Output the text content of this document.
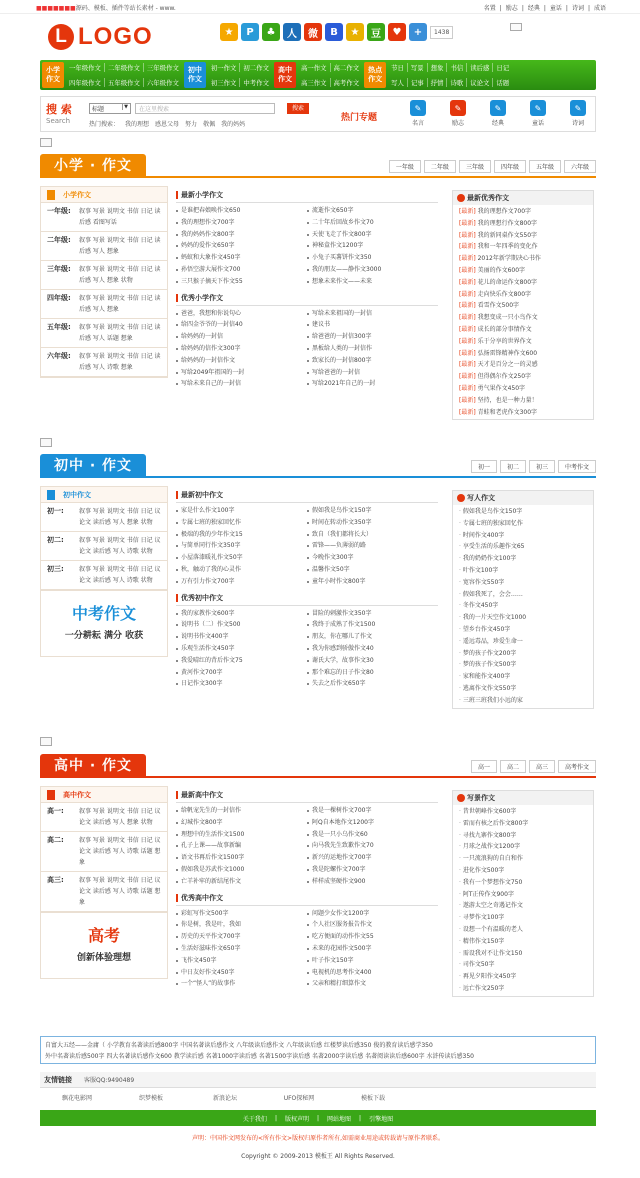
■■■■■■■源码、模板、插件等站长素材 - www.	名置 | 励志 | 经典 | 童话 | 诗词 | 成语
L LOGO	★	P	♣	人	微	B	★	豆	♥	+	1438
小学
作文
一年级作文	二年级作文	三年级作文
四年级作文	五年级作文	六年级作文
初中
作文
初一作文	初二作文
初三作文	中考作文
高中
作文
高一作文	高二作文
高三作文	高考作文
热点
作文
节日	写景	想象	书信	读后感	日记
写人	记事	抒情	诗歌	议论文	话题
搜 索
Search
标题	▼	在这里搜索	搜索
热门搜索： 我的理想 感恩父母 努力 敬佩 我的妈妈
热门专题
✎
名言
✎
励志
✎
经典
✎
童话
✎
诗词
小学 · 作文	一年级	二年级	三年级	四年级	五年级	六年级
小学作文
一年级:	叙事 写景 说明文 书信 日记 读后感 看图写话
二年级:	叙事 写景 说明文 书信 日记 读后感 写人 想象
三年级:	叙事 写景 说明文 书信 日记 读后感 写人 想象 状物
四年级:	叙事 写景 说明文 书信 日记 读后感 写人 想象
五年级:	叙事 写景 说明文 书信 日记 读后感 写人 话题 想象
六年级:	叙事 写景 说明文 书信 日记 读后感 写人 诗歌 想象
最新小学作文
是谁把春娘唤作文650	流逝作文650字
我的理想作文700字	二十年后回故乡作文70
我的妈妈作文800字	天使飞走了作文800字
妈妈的爱作文650字	神秘盒作文1200字
蚂蚁和大象作文450字	小兔子买薯饼作文350
孙悟空游大展作文700	我的朋友——静作文3000
三只猴子摘天下作文55	想象未来作文——未来
优秀小学作文
爸爸，我想和你说句心	写给未来祖国的一封信
给四金爷爷的一封信40	建议书
给妈妈的一封信	给爸爸的一封信300字
给妈妈的信作文300字	黑板给人类的一封信作
给妈妈的一封信作文	致家长的一封信800字
写给2049年祖国的一封	写给爸爸的一封信
写给未来自己的一封信	写给2021年自己的一封
最新优秀作文
[最新] 我的理想作文700字
[最新] 我的理想行作文800字
[最新] 我的新同桌作文550字
[最新] 我和一年四季的变化作
[最新] 2012年新学期决心书作
[最新] 美丽的作文600字
[最新] 花儿的命运作文800字
[最新] 走向快乐作文800字
[最新] 看雪作文500字
[最新] 我想变成一只小鸟作文
[最新] 成长的部分事情作文
[最新] 乐于分享的世界作文
[最新] 弘扬雷锋精神作文600
[最新] 天才是百分之一的灵感
[最新] 但得偶尔作文250字
[最新] 勇气果作文450字
[最新] 坚持，也是一种力量！
[最新] 青蛙和老虎作文300字
初中 · 作文	初一	初二	初三	中考作文
初中作文
初一:	叙事 写景 说明文 书信 日记 议论文 读后感 写人 想象 状物
初二:	叙事 写景 说明文 书信 日记 议论文 读后感 写人 诗歌 状物
初三:	叙事 写景 说明文 书信 日记 议论文 读后感 写人 诗歌 状物
中考作文
一分耕耘 满分 收获
最新初中作文
家是什么作文100字	假如我是鸟作文150字
专属七班的独家回忆作	时间在转动作文350字
极端的我的少年作文15	致自（我们都将长大）
与简单同行作文350字	雷锋——负薄弱的路
小屋落漆暖礼作文50字	今晚作文300字
秋，触动了我的心灵作	温馨作文50字
万有引力作文700字	童年小时作文800字
优秀初中作文
我的家教作文600字	冒险的刺激作文350字
说明书（二）作文500	我终于成熟了作文1500
说明书作文400字	朋友，你在哪儿了作文
乐观生活作文450字	我为你感到骄傲作文40
我爱晴红的背后作文75	谢氏大学，故事作文30
黄河作文700字	那个难忘的日子作文80
日记作文300字	失去之后作文650字
写人作文
· 假如我是鸟作文150字
· 专属七班的独家回忆作
· 时间作文400字
· 享受生活的乐趣作文65
· 我的奶奶作文100字
· 叶作文100字
· 宽容作文550字
· 假如我死了，会会……
· 冬作文450字
· 我的一片天空作文1000
· 望乡台作文450字
· 遥远毒品，珍爱生命一
· 梦的孩子作文200字
· 梦的孩子作文500字
· 家和能作文400字
· 逃离作文作文550字
· 三班三班我们小远的家
高中 · 作文	高一	高二	高三	高考作文
高中作文
高一:	叙事 写景 说明文 书信 日记 议论文 读后感 写人 想象 状物
高二:	叙事 写景 说明文 书信 日记 议论文 读后感 写人 诗歌 话题 想象
高三:	叙事 写景 说明文 书信 日记 议论文 读后感 写人 诗歌 话题 想象
高考
创新体验理想
最新高中作文
给帆宠先生的一封信作	我是一棵树作文700字
幻城作文800字	阿Q自本地作文1200字
理想中的生活作文1500	我是一只小乌作文60
孔子上课——故事新编	向马我先生致歉作文70
语文书再后作文1500字	新兴的运地作文700字
假如我是苏武作文1000	我是陀螺作文700字
亡羊补牢的新结尾作文	样样成坚硬作文900
优秀高中作文
彩虹写作文500字	问题少女作文1200字
你是树，我是叶，我如	个人社区服务报告作文
历史的天平作文700字	吃方便面的动作作文55
生活好滋味作文650字	未来的花园作文500字
飞作文450字	叶子作文150字
中日友好作文450字	电视机的思考作文400
一个“怪人”的故事作	父亲和精打细算作文
写景作文
· 昔世朝峰作文600字
· 雷而有核之后作文800字
· 寻找九寨作文800字
· 月球之战作文1200字
· 一只流浪狗的自白和作
· 进化作文500字
· 我有一个梦想作文750
· 阿T正传作文900字
· 遨游太空之奇遇记作文
· 寻梦作文100字
· 设想一个有温暖的老人
· 精伟作文150字
· 需设我对不让作文150
· 司作文50字
· 再见夕阳作文450字
· 远亡作文250字
自富大五经——金庸（ 小学教育名著读后感800字 中国名著读后感作文 八年级读后感作文 八年级读后感 红楼梦读后感350 俊的教育读后感学350
外中名著读后感500字 四大名著读后感作文600 教学读后感 名著1000字读后感 名著1500字读后感 名著2000字读后感 名著阅读读后感600字 水浒传读后感350
友情链接 客服QQ:9490489
飘花电影网	织梦模板	新浪论坛	UFO探秘网	模板下载
关于我们 | 版权声明 | 网站地图 | 引擎地图
声明：中国作文网发布的<所有作文>版权归原作者所有,如需商业用途或转载请与原作者联系。
Copyright © 2009-2013 模板王 All Rights Reserved.
